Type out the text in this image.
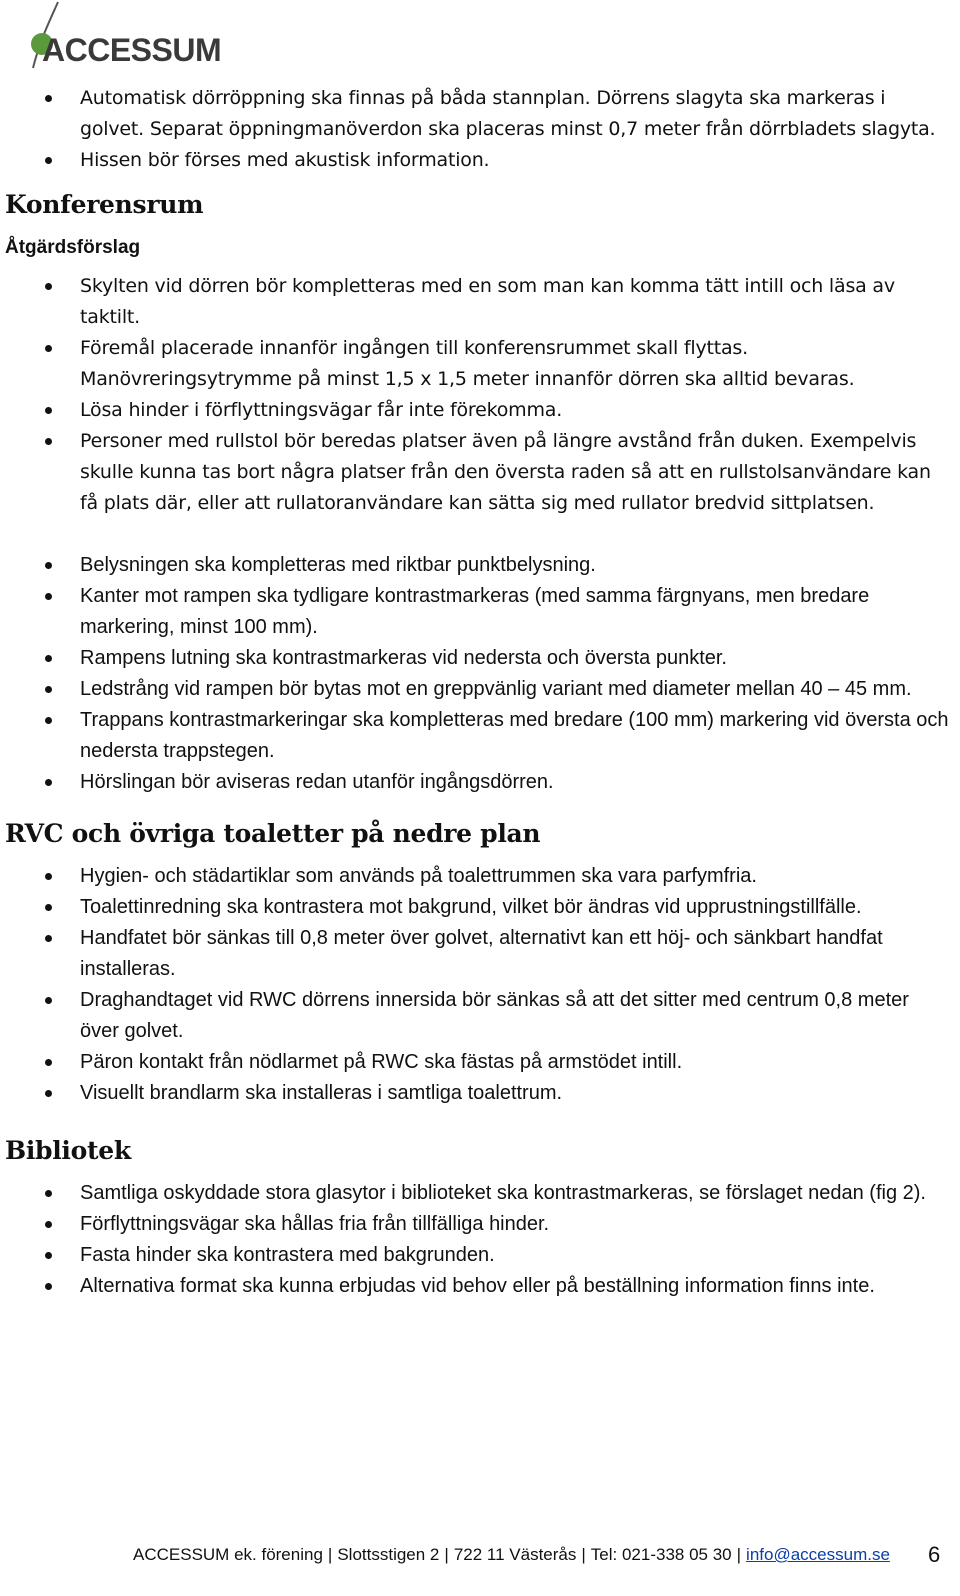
ACCESSUM
Automatisk dörröppning ska finnas på båda stannplan. Dörrens slagyta ska markeras i golvet. Separat öppningmanöverdon ska placeras minst 0,7 meter från dörrbladets slagyta.
Hissen bör förses med akustisk information.
Konferensrum
Åtgärdsförslag
Skylten vid dörren bör kompletteras med en som man kan komma tätt intill och läsa av taktilt.
Föremål placerade innanför ingången till konferensrummet skall flyttas. Manövreringsytrymme på minst 1,5 x 1,5 meter innanför dörren ska alltid bevaras.
Lösa hinder i förflyttningsvägar får inte förekomma.
Personer med rullstol bör beredas platser även på längre avstånd från duken. Exempelvis skulle kunna tas bort några platser från den översta raden så att en rullstolsanvändare kan få plats där, eller att rullatoranvändare kan sätta sig med rullator bredvid sittplatsen.
Belysningen ska kompletteras med riktbar punktbelysning.
Kanter mot rampen ska tydligare kontrastmarkeras (med samma färgnyans, men bredare markering, minst 100 mm).
Rampens lutning ska kontrastmarkeras vid nedersta och översta punkter.
Ledstrång vid rampen bör bytas mot en greppvänlig variant med diameter mellan 40 – 45 mm.
Trappans kontrastmarkeringar ska kompletteras med bredare (100 mm) markering vid översta och nedersta trappstegen.
Hörslingan bör aviseras redan utanför ingångsdörren.
RVC och övriga toaletter på nedre plan
Hygien- och städartiklar som används på toalettrummen ska vara parfymfria.
Toalettinredning ska kontrastera mot bakgrund, vilket bör ändras vid upprustningstillfälle.
Handfatet bör sänkas till 0,8 meter över golvet, alternativt kan ett höj- och sänkbart handfat installeras.
Draghandtaget vid RWC dörrens innersida bör sänkas så att det sitter med centrum 0,8 meter över golvet.
Päron kontakt från nödlarmet på RWC ska fästas på armstödet intill.
Visuellt brandlarm ska installeras i samtliga toalettrum.
Bibliotek
Samtliga oskyddade stora glasytor i biblioteket ska kontrastmarkeras, se förslaget nedan (fig 2).
Förflyttningsvägar ska hållas fria från tillfälliga hinder.
Fasta hinder ska kontrastera med bakgrunden.
Alternativa format ska kunna erbjudas vid behov eller på beställning information finns inte.
ACCESSUM ek. förening | Slottsstigen 2 | 722 11 Västerås | Tel: 021-338 05 30 | info@accessum.se 6
